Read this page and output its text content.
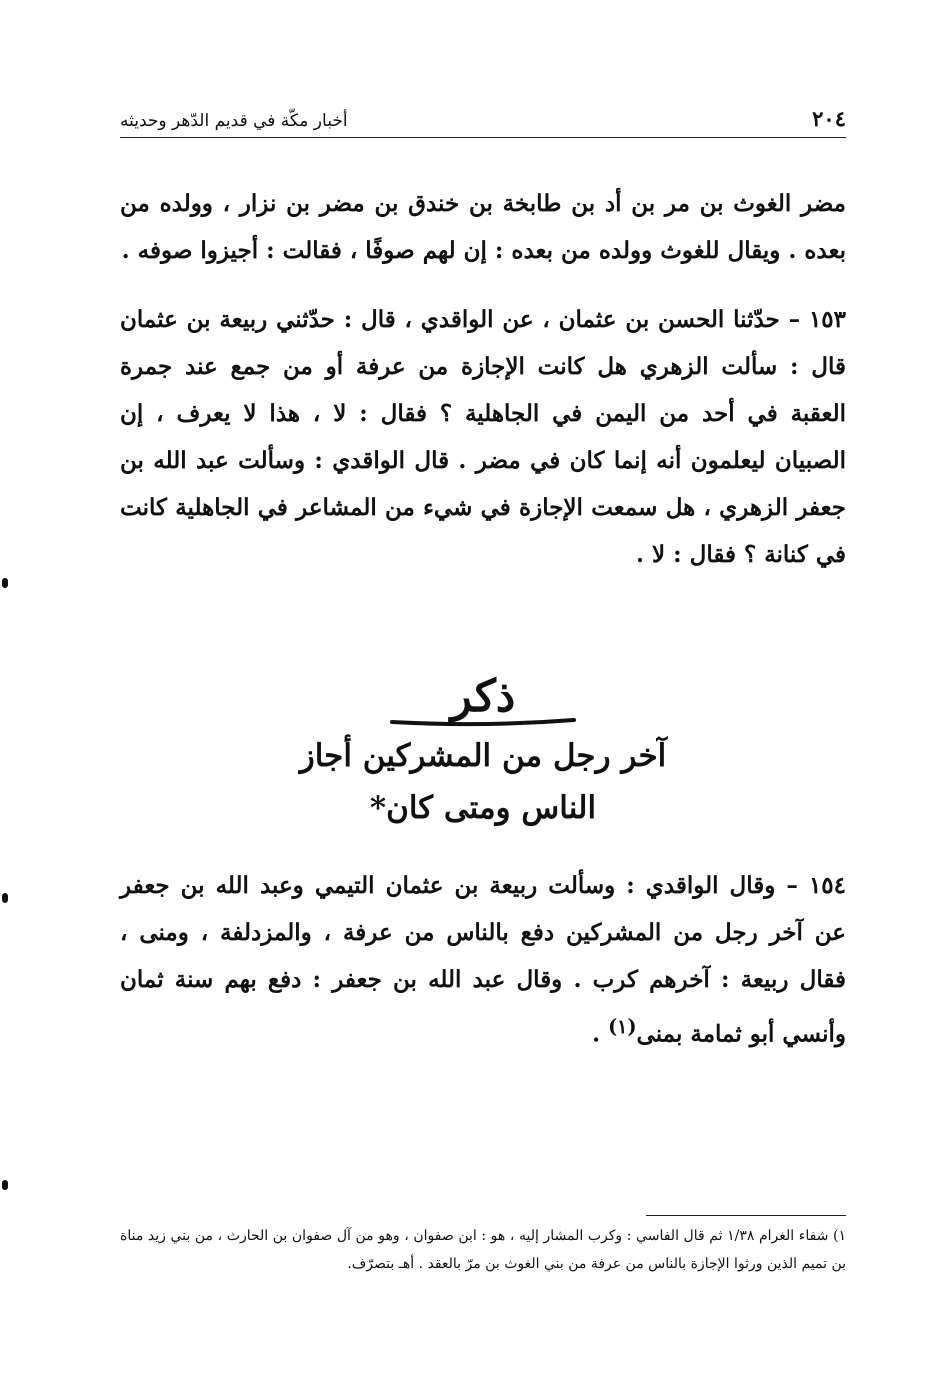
٢٠٤
أخبار مكّة في قديم الدّهر وحديثه

مضر الغوث بن مر بن أد بن طابخة بن خندق بن مضر بن نزار ، وولده من بعده . ويقال للغوث وولده من بعده : إن لهم صوفًا ، فقالت : أجيزوا صوفه .

١٥٣ – حدّثنا الحسن بن عثمان ، عن الواقدي ، قال : حدّثني ربيعة بن عثمان قال : سألت الزهري هل كانت الإجازة من عرفة أو من جمع عند جمرة العقبة في أحد من اليمن في الجاهلية ؟ فقال : لا ، هذا لا يعرف ، إن الصبيان ليعلمون أنه إنما كان في مضر . قال الواقدي : وسألت عبد الله بن جعفر الزهري ، هل سمعت الإجازة في شيء من المشاعر في الجاهلية كانت في كنانة ؟ فقال : لا .

ذكر
آخر رجل من المشركين أجاز
الناس ومتى كان*

١٥٤ – وقال الواقدي : وسألت ربيعة بن عثمان التيمي وعبد الله بن جعفر عن آخر رجل من المشركين دفع بالناس من عرفة ، والمزدلفة ، ومنى ، فقال ربيعة : آخرهم كرب . وقال عبد الله بن جعفر : دفع بهم سنة ثمان وأنسي أبو ثمامة بمنى$^{(١)}$ .

١) شفاء الغرام ١/٣٨ ثم قال الفاسي : وكرب المشار إليه ، هو : ابن صفوان ، وهو من آل صفوان بن الحارث ، من بني زيد مناة بن تميم الذين ورثوا الإجازة بالناس من عرفة من بني الغوث بن مرّ بالعقد . أهـ بتصرّف.
